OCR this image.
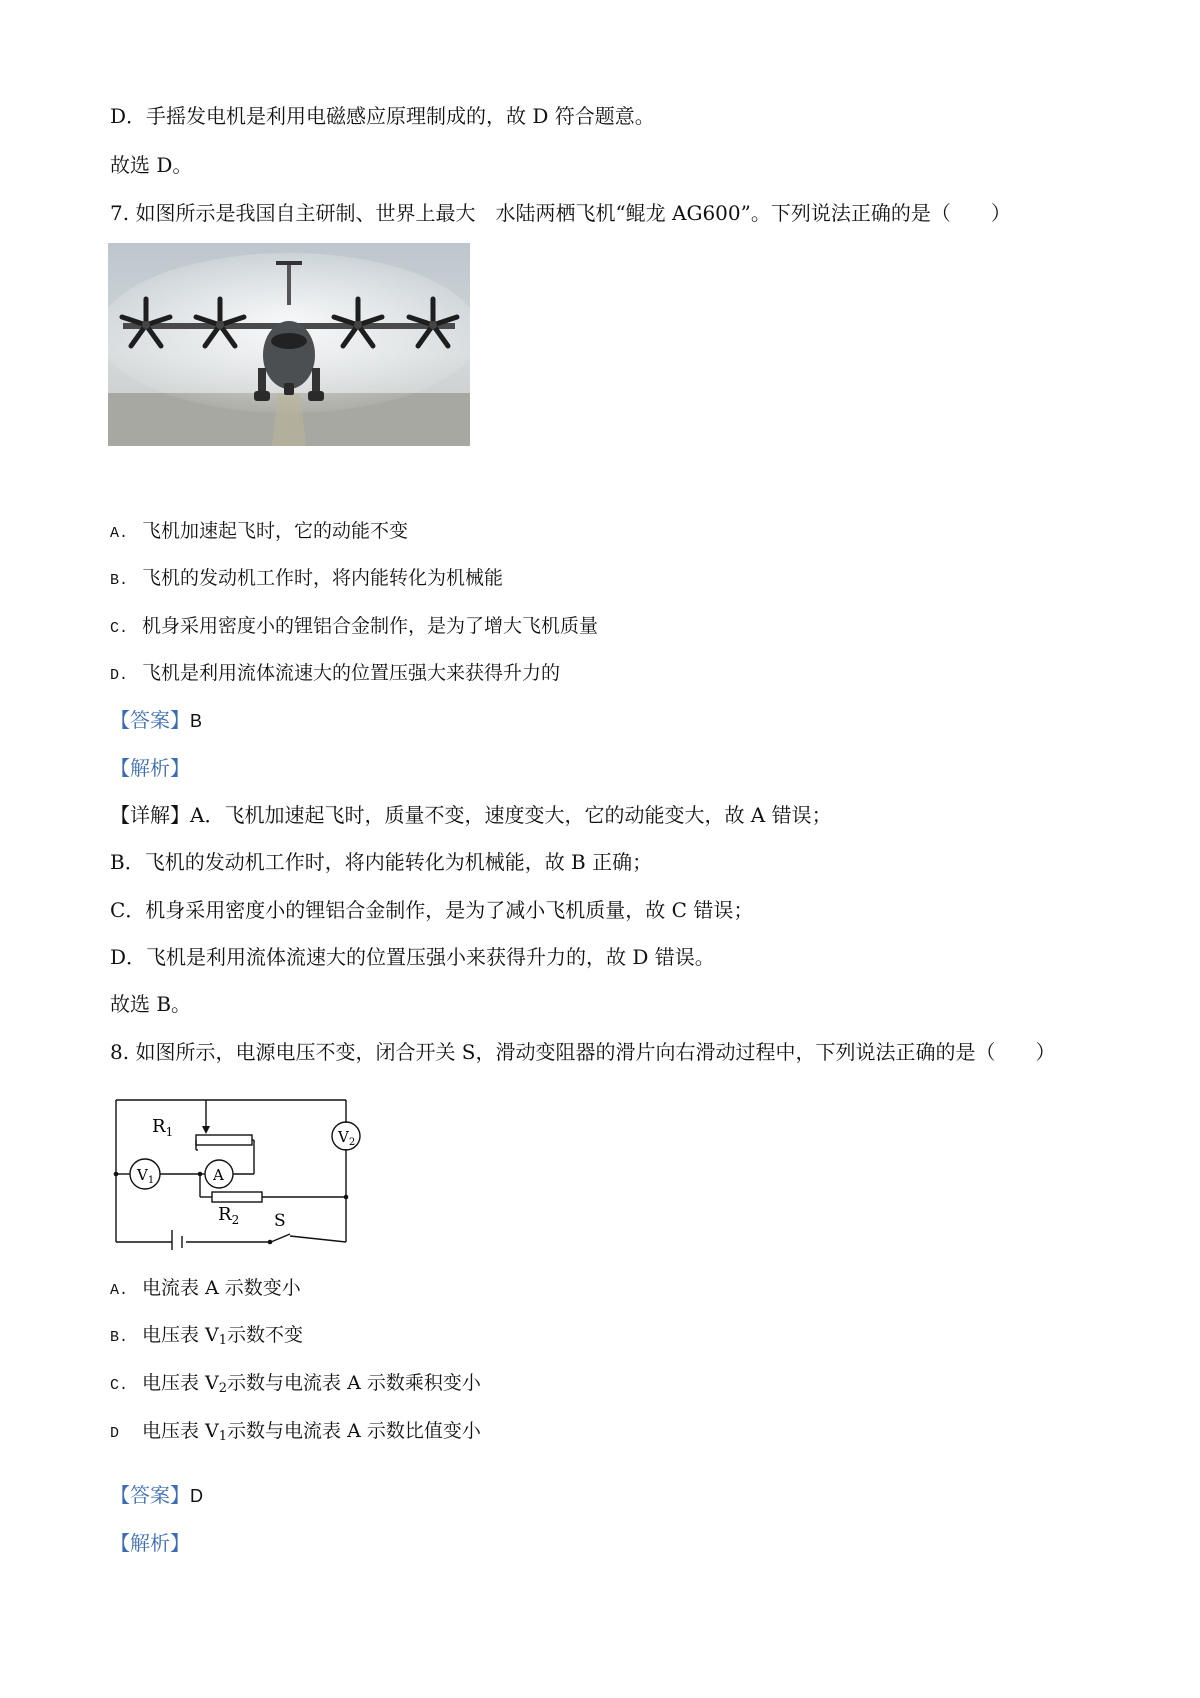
D．手摇发电机是利用电磁感应原理制成的，故 D 符合题意。
故选 D。
7. 如图所示是我国自主研制、世界上最大　水陆两栖飞机“鲲龙 AG600”。下列说法正确的是（　　）
A. 飞机加速起飞时，它的动能不变
B. 飞机的发动机工作时，将内能转化为机械能
C. 机身采用密度小的锂铝合金制作，是为了增大飞机质量
D. 飞机是利用流体流速大的位置压强大来获得升力的
【答案】B
【解析】
【详解】A．飞机加速起飞时，质量不变，速度变大，它的动能变大，故 A 错误；
B．飞机的发动机工作时，将内能转化为机械能，故 B 正确；
C．机身采用密度小的锂铝合金制作，是为了减小飞机质量，故 C 错误；
D．飞机是利用流体流速大的位置压强小来获得升力的，故 D 错误。
故选 B。
8. 如图所示，电源电压不变，闭合开关 S，滑动变阻器的滑片向右滑动过程中，下列说法正确的是（　　）
$R_1$
$R_2$
$V_1$
$V_2$
A
S
A. 电流表 A 示数变小
B. 电压表 $V_1$示数不变
C. 电压表 $V_2$示数与电流表 A 示数乘积变小
D 电压表 $V_1$示数与电流表 A 示数比值变小
【答案】D
【解析】
